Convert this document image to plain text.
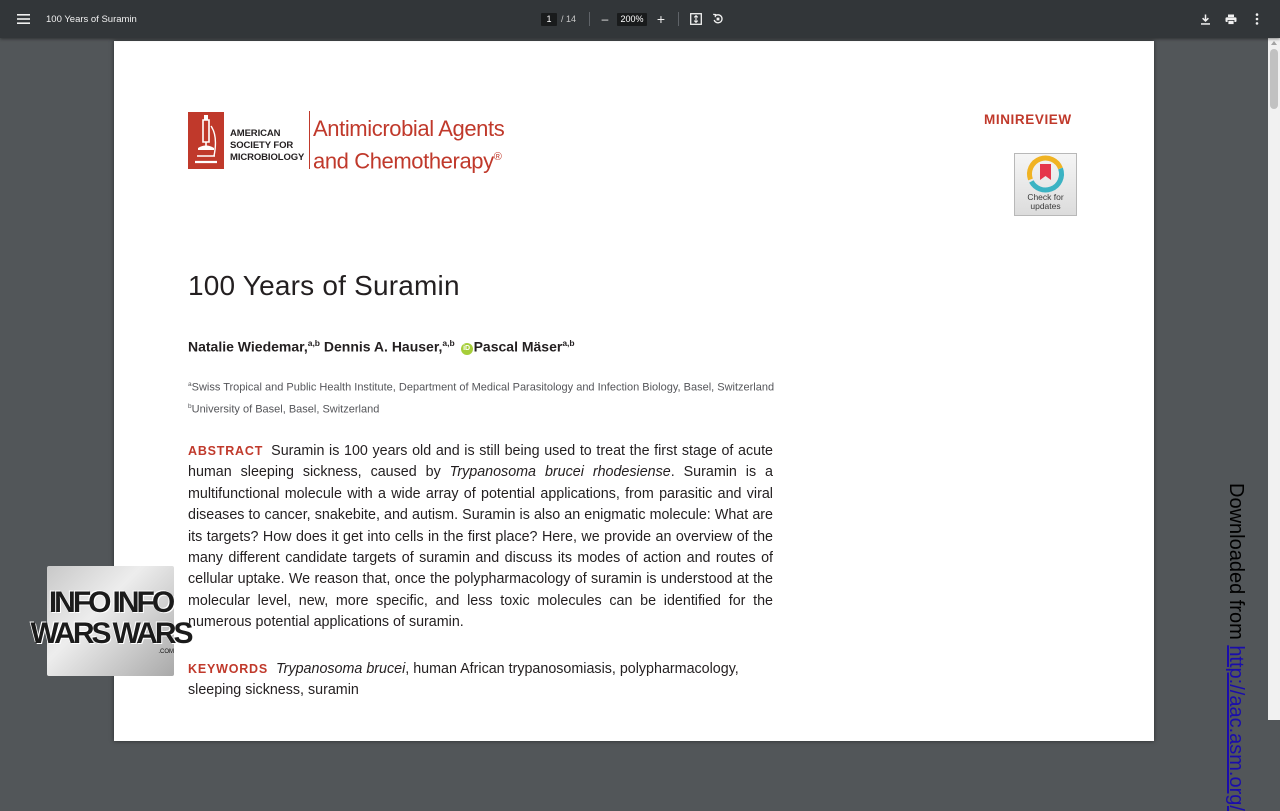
100 Years of Suramin	1	/ 14 –	200% +
AMERICAN
SOCIETY FOR
MICROBIOLOGY
Antimicrobial Agents
and Chemotherapy®
MINIREVIEW
Check for
updates
100 Years of Suramin
Natalie Wiedemar,$^{a,b}$ Dennis A. Hauser,$^{a,b}$ iD Pascal Mäser$^{a,b}$
$^a$Swiss Tropical and Public Health Institute, Department of Medical Parasitology and Infection Biology, Basel, Switzerland
$^b$University of Basel, Basel, Switzerland

ABSTRACT Suramin is 100 years old and is still being used to treat the first stage of acute human sleeping sickness, caused by Trypanosoma brucei rhodesiense. Suramin is a multifunctional molecule with a wide array of potential applications, from parasitic and viral diseases to cancer, snakebite, and autism. Suramin is also an enigmatic molecule: What are its targets? How does it get into cells in the first place? Here, we provide an overview of the many different candidate targets of suramin and discuss its modes of action and routes of cellular uptake. We reason that, once the polypharmacology of suramin is understood at the molecular level, new, more specific, and less toxic molecules can be identified for the numerous potential applications of suramin.

KEYWORDS Trypanosoma brucei, human African trypanosomiasis, polypharmacology, sleeping sickness, suramin

Downloaded from http://aac.asm.org/
INFO INFO
WARS WARS
.COM
